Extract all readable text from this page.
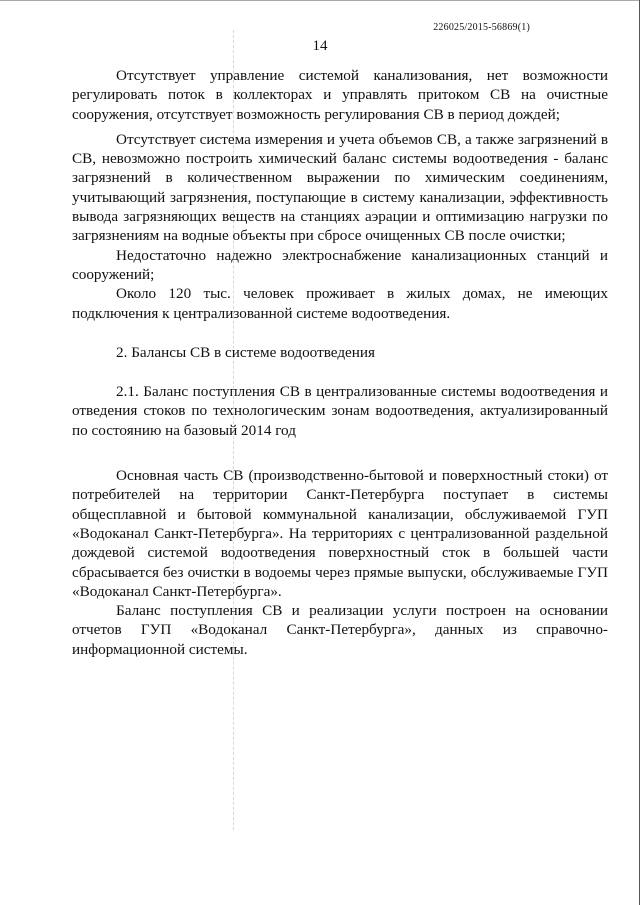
226025/2015-56869(1)
14

Отсутствует управление системой канализования, нет возможности регулировать поток в коллекторах и управлять притоком СВ на очистные сооружения, отсутствует возможность регулирования СВ в период дождей;

Отсутствует система измерения и учета объемов СВ, а также загрязнений в СВ, невозможно построить химический баланс системы водоотведения - баланс загрязнений в количественном выражении по химическим соединениям, учитывающий загрязнения, поступающие в систему канализации, эффективность вывода загрязняющих веществ на станциях аэрации и оптимизацию нагрузки по загрязнениям на водные объекты при сбросе очищенных СВ после очистки;

Недостаточно надежно электроснабжение канализационных станций и сооружений;

Около 120 тыс. человек проживает в жилых домах, не имеющих подключения к централизованной системе водоотведения.

2. Балансы СВ в системе водоотведения

2.1. Баланс поступления СВ в централизованные системы водоотведения и отведения стоков по технологическим зонам водоотведения, актуализированный по состоянию на базовый 2014 год

Основная часть СВ (производственно-бытовой и поверхностный стоки) от потребителей на территории Санкт-Петербурга поступает в системы общесплавной и бытовой коммунальной канализации, обслуживаемой ГУП «Водоканал Санкт-Петербурга». На территориях с централизованной раздельной дождевой системой водоотведения поверхностный сток в большей части сбрасывается без очистки в водоемы через прямые выпуски, обслуживаемые ГУП «Водоканал Санкт-Петербурга».

Баланс поступления СВ и реализации услуги построен на основании отчетов ГУП «Водоканал Санкт-Петербурга», данных из справочно-информационной системы.
